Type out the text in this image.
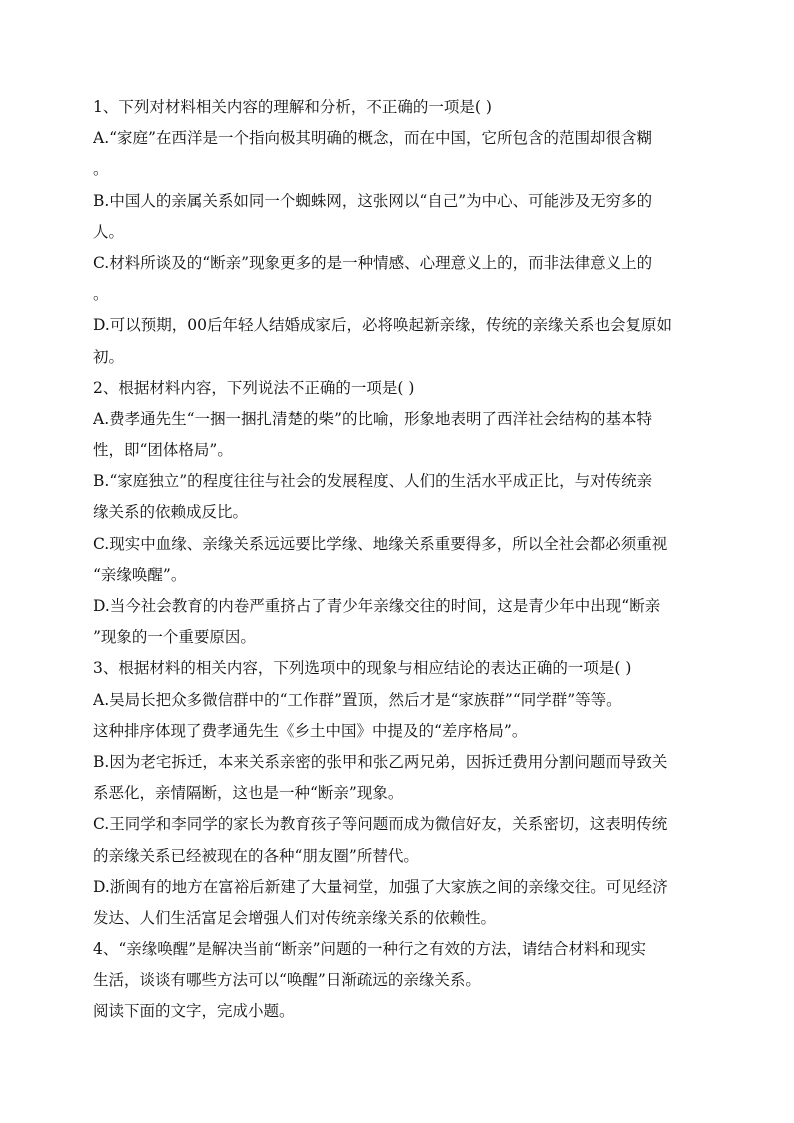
1、下列对材料相关内容的理解和分析，不正确的一项是( )
A.“家庭”在西洋是一个指向极其明确的概念，而在中国，它所包含的范围却很含糊
。
B.中国人的亲属关系如同一个蜘蛛网，这张网以“自己”为中心、可能涉及无穷多的
人。
C.材料所谈及的“断亲”现象更多的是一种情感、心理意义上的，而非法律意义上的
。
D.可以预期，00后年轻人结婚成家后，必将唤起新亲缘，传统的亲缘关系也会复原如
初。
2、根据材料内容，下列说法不正确的一项是( )
A.费孝通先生“一捆一捆扎清楚的柴”的比喻，形象地表明了西洋社会结构的基本特
性，即“团体格局”。
B.“家庭独立”的程度往往与社会的发展程度、人们的生活水平成正比，与对传统亲
缘关系的依赖成反比。
C.现实中血缘、亲缘关系远远要比学缘、地缘关系重要得多，所以全社会都必须重视
“亲缘唤醒”。
D.当今社会教育的内卷严重挤占了青少年亲缘交往的时间，这是青少年中出现“断亲
”现象的一个重要原因。
3、根据材料的相关内容，下列选项中的现象与相应结论的表达正确的一项是( )
A.吴局长把众多微信群中的“工作群”置顶，然后才是“家族群”“同学群”等等。
这种排序体现了费孝通先生《乡土中国》中提及的“差序格局”。
B.因为老宅拆迁，本来关系亲密的张甲和张乙两兄弟，因拆迁费用分割问题而导致关
系恶化，亲情隔断，这也是一种“断亲”现象。
C.王同学和李同学的家长为教育孩子等问题而成为微信好友，关系密切，这表明传统
的亲缘关系已经被现在的各种“朋友圈”所替代。
D.浙闽有的地方在富裕后新建了大量祠堂，加强了大家族之间的亲缘交往。可见经济
发达、人们生活富足会增强人们对传统亲缘关系的依赖性。
4、“亲缘唤醒”是解决当前“断亲”问题的一种行之有效的方法，请结合材料和现实
生活，谈谈有哪些方法可以“唤醒”日渐疏远的亲缘关系。
阅读下面的文字，完成小题。
